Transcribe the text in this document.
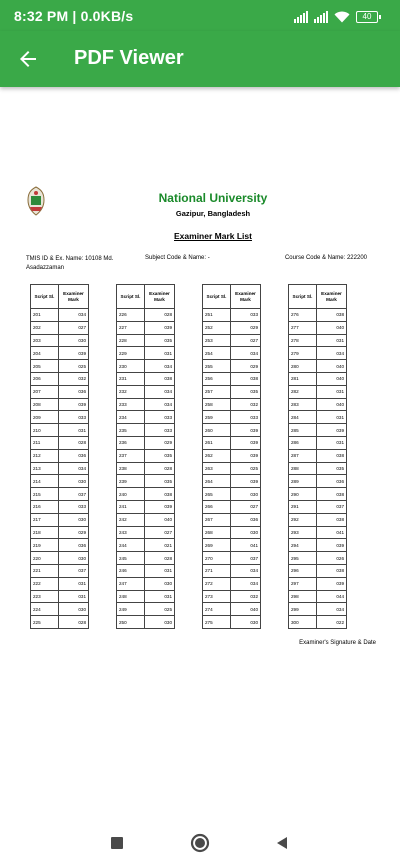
8:32 PM | 0.0KB/s	40
PDF Viewer
National University
Gazipur, Bangladesh
Examiner Mark List
TMIS ID & Ex. Name: 10108 Md. Asadazzaman
Subject Code & Name: -	Course Code & Name: 222200
Script Sl.	Examiner Mark
201	034
202	027
203	030
204	039
205	025
206	032
207	036
208	039
209	033
210	031
211	028
212	036
213	034
214	030
215	037
216	033
217	030
218	029
219	036
220	030
221	037
222	031
223	031
224	030
225	028
Script Sl.	Examiner Mark
226	028
227	039
228	035
229	031
230	034
231	038
232	034
233	034
234	033
235	033
236	029
237	035
238	028
239	035
240	038
241	039
242	040
243	027
244	021
245	028
246	031
247	030
248	031
249	025
250	030
Script Sl.	Examiner Mark
251	033
252	029
253	027
254	034
255	029
256	038
257	035
258	032
259	033
260	039
261	039
262	039
263	025
264	039
265	030
266	027
267	036
268	030
269	041
270	037
271	034
272	034
273	032
274	040
275	030
Script Sl.	Examiner Mark
276	038
277	040
278	031
279	034
280	040
281	040
282	031
283	040
284	031
285	039
286	031
287	038
288	035
289	036
290	038
291	037
292	038
293	041
294	039
295	026
296	038
297	039
298	044
299	034
300	022
Examiner's Signature & Date
